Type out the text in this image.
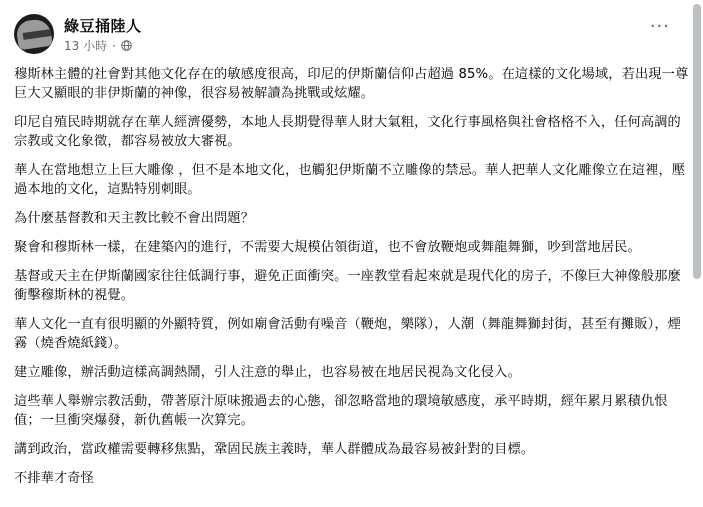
綠豆捅陸人
13 小時 ·
···

穆斯林主體的社會對其他文化存在的敏感度很高，印尼的伊斯蘭信仰占超過 85%。在這樣的文化場域，若出現一尊巨大又顯眼的非伊斯蘭的神像，很容易被解讀為挑戰或炫耀。

印尼自殖民時期就存在華人經濟優勢，本地人長期覺得華人財大氣粗，文化行事風格與社會格格不入，任何高調的宗教或文化象徵，都容易被放大審視。

華人在當地想立上巨大雕像 ，但不是本地文化，也觸犯伊斯蘭不立雕像的禁忌。華人把華人文化雕像立在這裡，壓過本地的文化，這點特別刺眼。

為什麼基督教和天主教比較不會出問題？

聚會和穆斯林一樣，在建築內的進行，不需要大規模佔領街道，也不會放鞭炮或舞龍舞獅，吵到當地居民。

基督或天主在伊斯蘭國家往往低調行事，避免正面衝突。一座教堂看起來就是現代化的房子，不像巨大神像般那麼衝擊穆斯林的視覺。

華人文化一直有很明顯的外顯特質，例如廟會活動有噪音（鞭炮，樂隊），人潮（舞龍舞獅封街，甚至有攤販），煙霧（燒香燒紙錢）。

建立雕像，辦活動這樣高調熱鬧，引人注意的舉止，也容易被在地居民視為文化侵入。

這些華人舉辦宗教活動，帶著原汁原味搬過去的心態，卻忽略當地的環境敏感度，承平時期，經年累月累積仇恨值；一旦衝突爆發，新仇舊帳一次算完。

講到政治，當政權需要轉移焦點，鞏固民族主義時，華人群體成為最容易被針對的目標。

不排華才奇怪
